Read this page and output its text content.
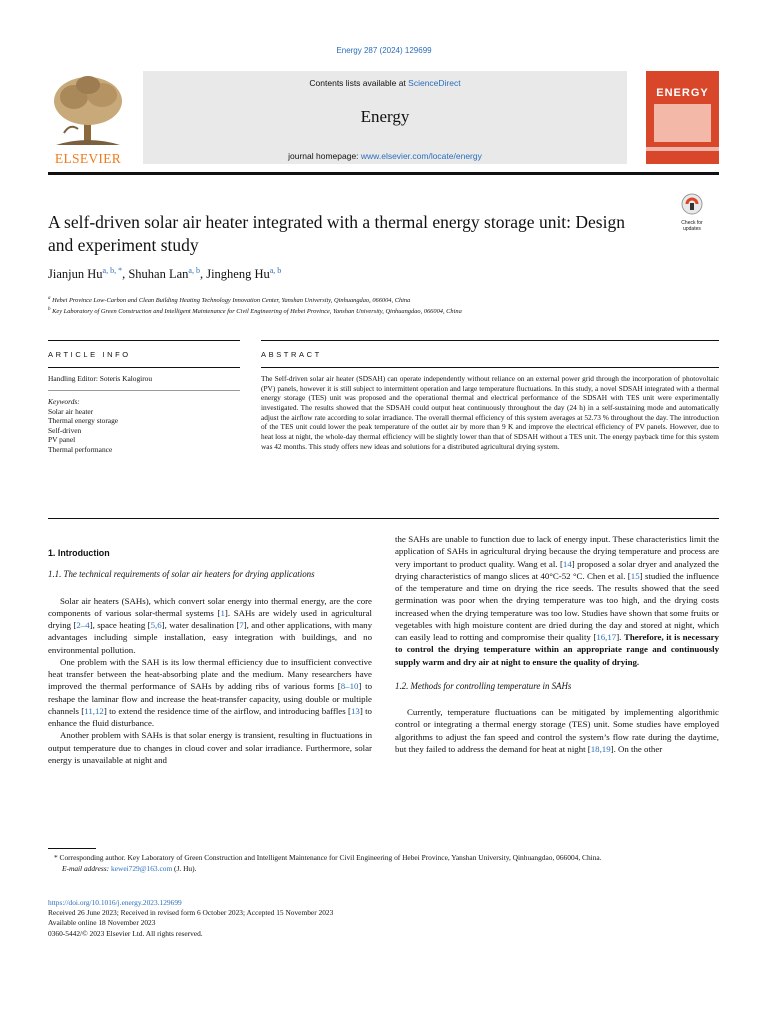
Energy 287 (2024) 129699
ELSEVIER
Contents lists available at ScienceDirect
Energy
journal homepage: www.elsevier.com/locate/energy
ENERGY
A self-driven solar air heater integrated with a thermal energy storage unit: Design and experiment study
Check for updates
Jianjun $Hu^{a, b, *}$, Shuhan Lan$^{a, b}$, Jingheng Hu$^{a, b}$
$^a$ Hebei Province Low-Carbon and Clean Building Heating Technology Innovation Center, Yanshan University, Qinhuangdao, 066004, China
$^b$ Key Laboratory of Green Construction and Intelligent Maintenance for Civil Engineering of Hebei Province, Yanshan University, Qinhuangdao, 066004, China
ARTICLE INFO
Handling Editor: Soteris Kalogirou
Keywords:
Solar air heater
Thermal energy storage
Self-driven
PV panel
Thermal performance
ABSTRACT
The Self-driven solar air heater (SDSAH) can operate independently without reliance on an external power grid through the incorporation of photovoltaic (PV) panels, however it is still subject to intermittent operation and large temperature fluctuations. In this study, a novel SDSAH integrated with a thermal energy storage (TES) unit was proposed and the operational thermal and electrical performance of the SDSAH with TES unit were experimentally investigated. The results showed that the SDSAH could output heat continuously throughout the day (24 h) in a self-sustaining mode and automatically adjust the airflow rate according to solar irradiance. The overall thermal efficiency of this system averages at 52.73 % throughout the day. The introduction of the TES unit could lower the peak temperature of the outlet air by more than 9 K and improve the electrical efficiency of PV panels. However, due to heat loss at night, the whole-day thermal efficiency will be slightly lower than that of SDSAH without a TES unit. The energy payback time for this system was 42 months. This study offers new ideas and solutions for a distributed agricultural drying system.
1. Introduction
1.1. The technical requirements of solar air heaters for drying applications

Solar air heaters (SAHs), which convert solar energy into thermal energy, are the core components of various solar-thermal systems [1]. SAHs are widely used in agricultural drying [2–4], space heating [5,6], water desalination [7], and other applications, with many advantages including simple installation, easy integration with buildings, and no environmental pollution.

One problem with the SAH is its low thermal efficiency due to insufficient convective heat transfer between the heat-absorbing plate and the medium. Many researchers have improved the thermal performance of SAHs by adding ribs of various forms [8–10] to reshape the laminar flow and increase the heat-transfer capacity, using double or multiple channels [11,12] to extend the residence time of the airflow, and introducing baffles [13] to enhance the fluid disturbance.

Another problem with SAHs is that solar energy is transient, resulting in fluctuations in output temperature due to changes in cloud cover and solar irradiance. Furthermore, solar energy is unavailable at night and

the SAHs are unable to function due to lack of energy input. These characteristics limit the application of SAHs in agricultural drying because the drying temperature and process are very important to product quality. Wang et al. [14] proposed a solar dryer and analyzed the drying characteristics of mango slices at 40°C-52 °C. Chen et al. [15] studied the influence of the temperature and time on drying the rice seeds. The results showed that the seed germination was poor when the drying temperature was too high, and the drying costs increased when the drying temperature was too low. Studies have shown that some fruits or vegetables with high moisture content are dried during the day and stored at night, which can easily lead to rotting and compromise their quality [16,17]. Therefore, it is necessary to control the drying temperature within an appropriate range and continuously supply warm and dry air at night to ensure the quality of drying.

1.2. Methods for controlling temperature in SAHs

Currently, temperature fluctuations can be mitigated by implementing algorithmic control or integrating a thermal energy storage (TES) unit. Some studies have employed algorithms to adjust the fan speed and control the system’s flow rate during the daytime, but they failed to address the demand for heat at night [18,19]. On the other

* Corresponding author. Key Laboratory of Green Construction and Intelligent Maintenance for Civil Engineering of Hebei Province, Yanshan University, Qinhuangdao, 066004, China.
E-mail address: kewei729@163.com (J. Hu).
https://doi.org/10.1016/j.energy.2023.129699
Received 26 June 2023; Received in revised form 6 October 2023; Accepted 15 November 2023
Available online 18 November 2023
0360-5442/© 2023 Elsevier Ltd. All rights reserved.
